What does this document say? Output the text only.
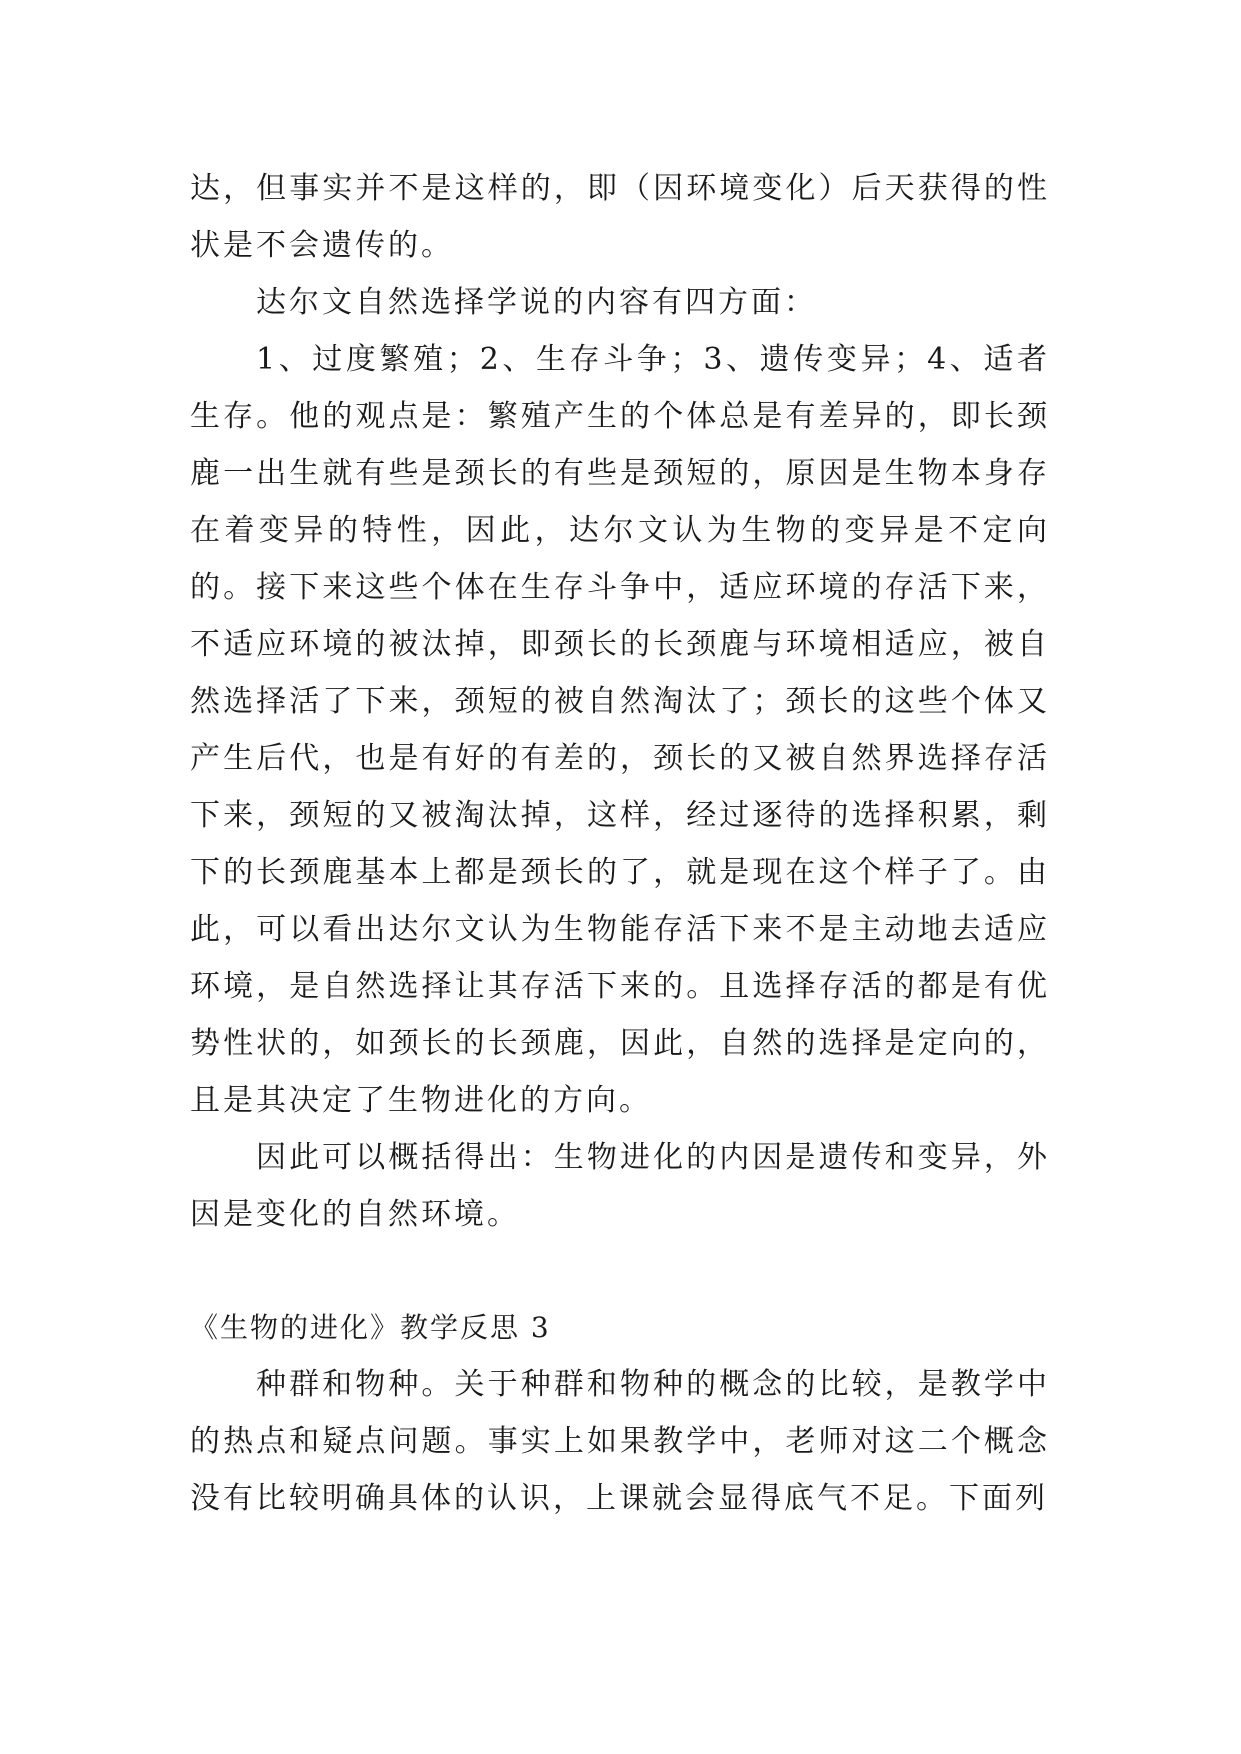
达，但事实并不是这样的，即（因环境变化）后天获得的性状是不会遗传的。

达尔文自然选择学说的内容有四方面：

1、过度繁殖；2、生存斗争；3、遗传变异；4、适者生存。他的观点是：繁殖产生的个体总是有差异的，即长颈鹿一出生就有些是颈长的有些是颈短的，原因是生物本身存在着变异的特性，因此，达尔文认为生物的变异是不定向的。接下来这些个体在生存斗争中，适应环境的存活下来，不适应环境的被汰掉，即颈长的长颈鹿与环境相适应，被自然选择活了下来，颈短的被自然淘汰了；颈长的这些个体又产生后代，也是有好的有差的，颈长的又被自然界选择存活下来，颈短的又被淘汰掉，这样，经过逐待的选择积累，剩下的长颈鹿基本上都是颈长的了，就是现在这个样子了。由此，可以看出达尔文认为生物能存活下来不是主动地去适应环境，是自然选择让其存活下来的。且选择存活的都是有优势性状的，如颈长的长颈鹿，因此，自然的选择是定向的，且是其决定了生物进化的方向。

因此可以概括得出：生物进化的内因是遗传和变异，外因是变化的自然环境。

《生物的进化》教学反思 3

种群和物种。关于种群和物种的概念的比较，是教学中的热点和疑点问题。事实上如果教学中，老师对这二个概念没有比较明确具体的认识，上课就会显得底气不足。下面列
